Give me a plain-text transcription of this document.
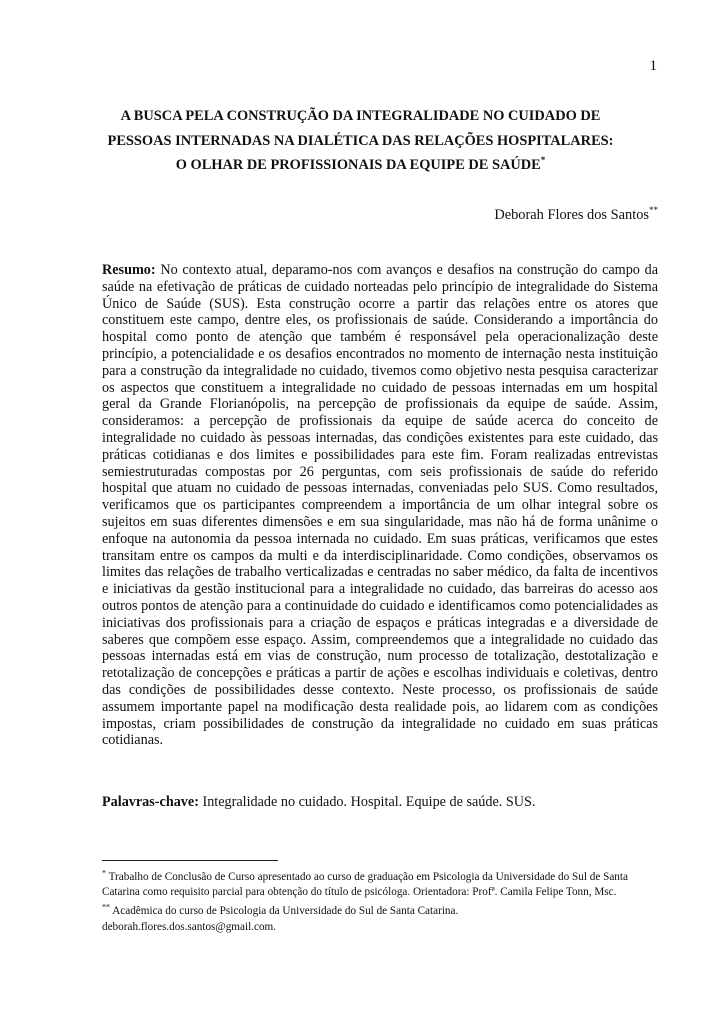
1
A BUSCA PELA CONSTRUÇÃO DA INTEGRALIDADE NO CUIDADO DE
PESSOAS INTERNADAS NA DIALÉTICA DAS RELAÇÕES HOSPITALARES:
O OLHAR DE PROFISSIONAIS DA EQUIPE DE SAÚDE*
Deborah Flores dos Santos**

Resumo: No contexto atual, deparamo-nos com avanços e desafios na construção do campo da saúde na efetivação de práticas de cuidado norteadas pelo princípio de integralidade do Sistema Único de Saúde (SUS). Esta construção ocorre a partir das relações entre os atores que constituem este campo, dentre eles, os profissionais de saúde. Considerando a importância do hospital como ponto de atenção que também é responsável pela operacionalização deste princípio, a potencialidade e os desafios encontrados no momento de internação nesta instituição para a construção da integralidade no cuidado, tivemos como objetivo nesta pesquisa caracterizar os aspectos que constituem a integralidade no cuidado de pessoas internadas em um hospital geral da Grande Florianópolis, na percepção de profissionais da equipe de saúde. Assim, consideramos: a percepção de profissionais da equipe de saúde acerca do conceito de integralidade no cuidado às pessoas internadas, das condições existentes para este cuidado, das práticas cotidianas e dos limites e possibilidades para este fim. Foram realizadas entrevistas semiestruturadas compostas por 26 perguntas, com seis profissionais de saúde do referido hospital que atuam no cuidado de pessoas internadas, conveniadas pelo SUS. Como resultados, verificamos que os participantes compreendem a importância de um olhar integral sobre os sujeitos em suas diferentes dimensões e em sua singularidade, mas não há de forma unânime o enfoque na autonomia da pessoa internada no cuidado. Em suas práticas, verificamos que estes transitam entre os campos da multi e da interdisciplinaridade. Como condições, observamos os limites das relações de trabalho verticalizadas e centradas no saber médico, da falta de incentivos e iniciativas da gestão institucional para a integralidade no cuidado, das barreiras do acesso aos outros pontos de atenção para a continuidade do cuidado e identificamos como potencialidades as iniciativas dos profissionais para a criação de espaços e práticas integradas e a diversidade de saberes que compõem esse espaço. Assim, compreendemos que a integralidade no cuidado das pessoas internadas está em vias de construção, num processo de totalização, destotalização e retotalização de concepções e práticas a partir de ações e escolhas individuais e coletivas, dentro das condições de possibilidades desse contexto. Neste processo, os profissionais de saúde assumem importante papel na modificação desta realidade pois, ao lidarem com as condições impostas, criam possibilidades de construção da integralidade no cuidado em suas práticas cotidianas.

Palavras-chave: Integralidade no cuidado. Hospital. Equipe de saúde. SUS.

* Trabalho de Conclusão de Curso apresentado ao curso de graduação em Psicologia da Universidade do Sul de Santa Catarina como requisito parcial para obtenção do título de psicóloga. Orientadora: Profª. Camila Felipe Tonn, Msc.

** Acadêmica do curso de Psicologia da Universidade do Sul de Santa Catarina.
deborah.flores.dos.santos@gmail.com.
